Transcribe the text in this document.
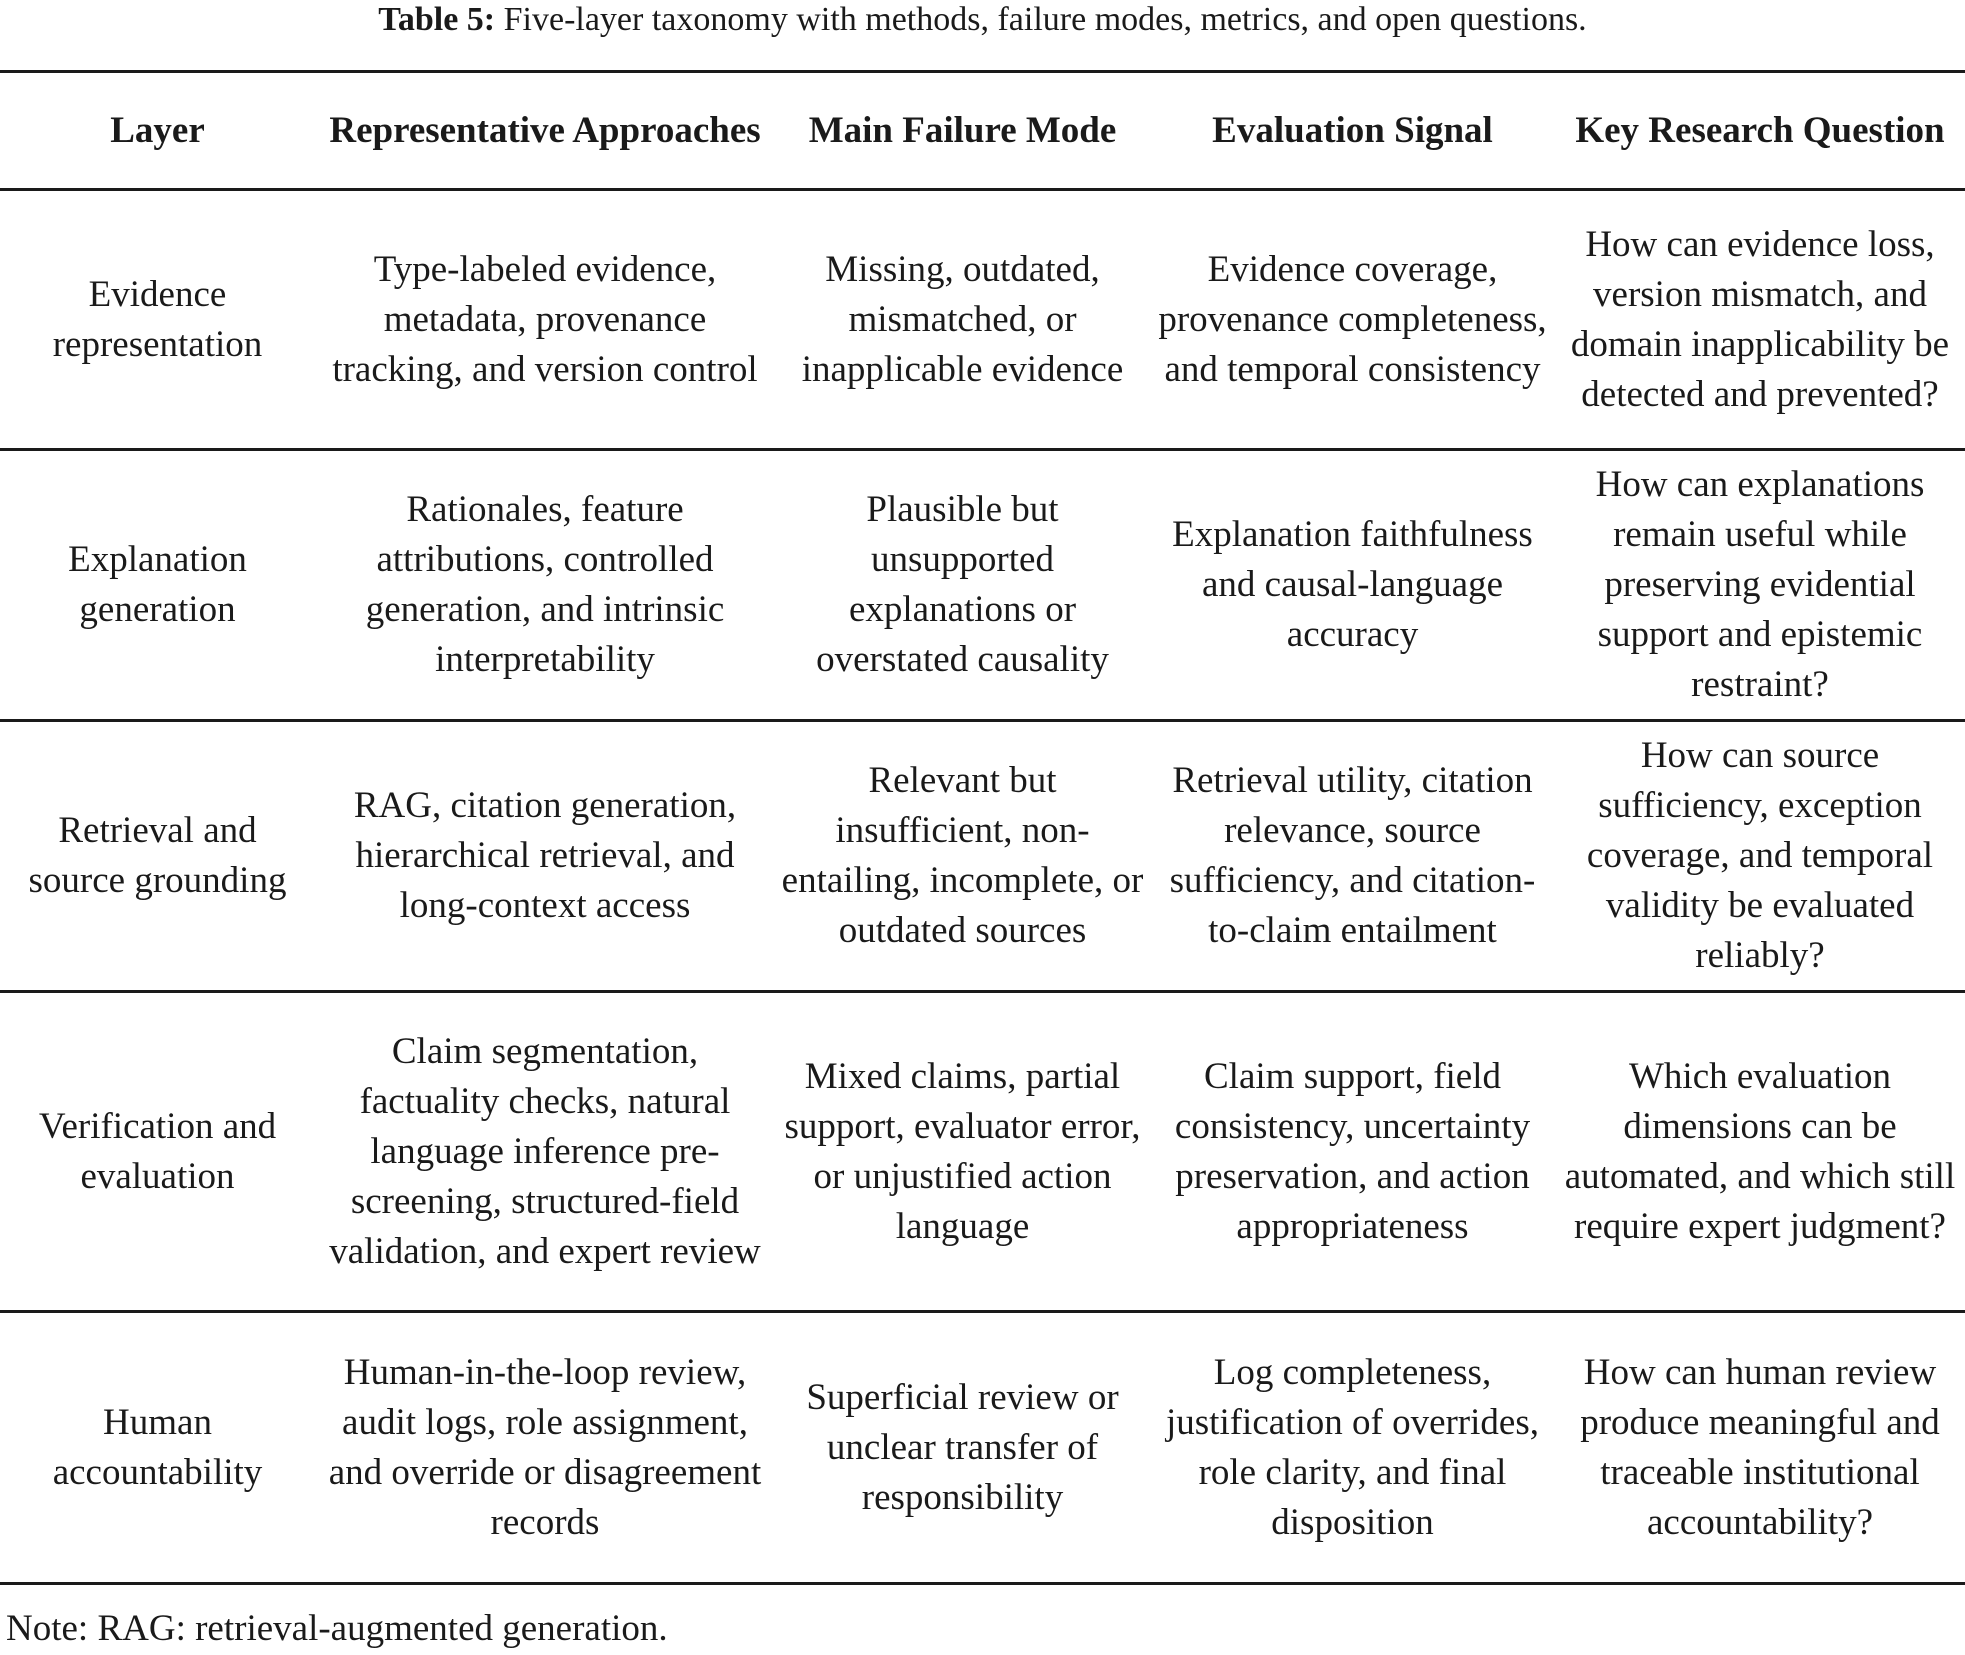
Table 5: Five-layer taxonomy with methods, failure modes, metrics, and open questions.
Layer	Representative Approaches	Main Failure Mode	Evaluation Signal	Key Research Question
Evidence representation	Type-labeled evidence, metadata, provenance tracking, and version control	Missing, outdated, mismatched, or inapplicable evidence	Evidence coverage, provenance completeness, and temporal consistency	How can evidence loss, version mismatch, and domain inapplicability be detected and prevented?
Explanation generation	Rationales, feature attributions, controlled generation, and intrinsic interpretability	Plausible but unsupported explanations or overstated causality	Explanation faithfulness and causal-language accuracy	How can explanations remain useful while preserving evidential support and epistemic restraint?
Retrieval and source grounding	RAG, citation generation, hierarchical retrieval, and long-context access	Relevant but insufficient, non-entailing, incomplete, or outdated sources	Retrieval utility, citation relevance, source sufficiency, and citation-to-claim entailment	How can source sufficiency, exception coverage, and temporal validity be evaluated reliably?
Verification and evaluation	Claim segmentation, factuality checks, natural language inference pre-screening, structured-field validation, and expert review	Mixed claims, partial support, evaluator error, or unjustified action language	Claim support, field consistency, uncertainty preservation, and action appropriateness	Which evaluation dimensions can be automated, and which still require expert judgment?
Human accountability	Human-in-the-loop review, audit logs, role assignment, and override or disagreement records	Superficial review or unclear transfer of responsibility	Log completeness, justification of overrides, role clarity, and final disposition	How can human review produce meaningful and traceable institutional accountability?
Note: RAG: retrieval-augmented generation.
